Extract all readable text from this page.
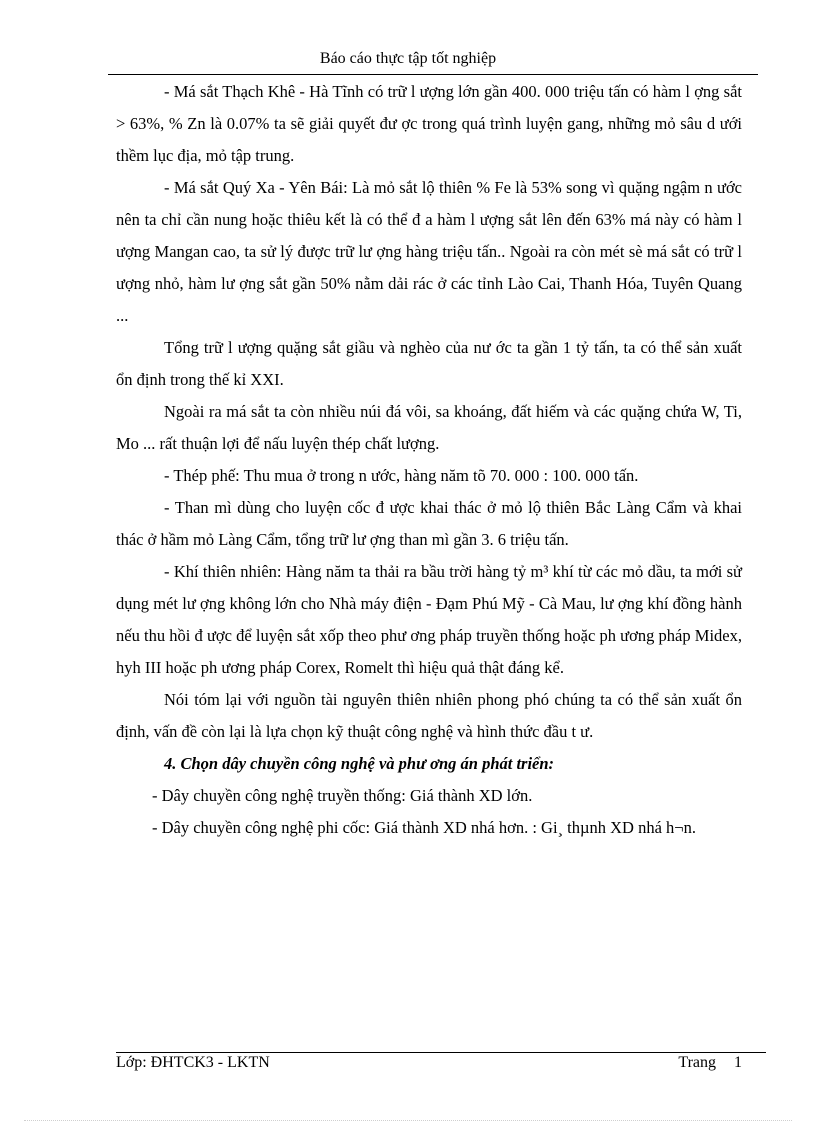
Báo cáo thực tập tốt nghiệp

- Má sắt Thạch Khê - Hà Tĩnh có trữ l ượng lớn gần 400. 000 triệu tấn có hàm l ợng sắt > 63%, % Zn là 0.07% ta sẽ giải quyết đư ợc trong quá trình luyện gang, những mỏ sâu d ưới thềm lục địa, mỏ tập trung.

- Má sắt Quý Xa - Yên Bái: Là mỏ sắt lộ thiên % Fe là 53% song vì quặng ngậm n ước nên ta chỉ cần nung hoặc thiêu kết là có thể đ a hàm l ượng sắt lên đến 63% má này có hàm l ượng Mangan cao, ta sử lý được trữ lư ợng hàng triệu tấn.. Ngoài ra còn mét sè má sắt có trữ l ượng nhỏ, hàm lư ợng sắt gần 50% nằm dải rác ở các tỉnh Lào Cai, Thanh Hóa, Tuyên Quang ...

Tổng trữ l ượng quặng sắt giầu và nghèo của nư ớc ta gần 1 tỷ tấn, ta có thể sản xuất ổn định trong thế kỉ XXI.

Ngoài ra má sắt ta còn nhiều núi đá vôi, sa khoáng, đất hiếm và các quặng chứa W, Ti, Mo ... rất thuận lợi để nấu luyện thép chất lượng.

- Thép phế: Thu mua ở trong n ước, hàng năm tõ 70. 000 : 100. 000 tấn.

- Than mì dùng cho luyện cốc đ ược khai thác ở mỏ lộ thiên Bắc Làng Cẩm và khai thác ở hầm mỏ Làng Cẩm, tổng trữ lư ợng than mì gần 3. 6 triệu tấn.

- Khí thiên nhiên: Hàng năm ta thải ra bầu trời hàng tỷ m³ khí từ các mỏ dầu, ta mới sử dụng mét lư ợng không lớn cho Nhà máy điện - Đạm Phú Mỹ - Cà Mau, lư ợng khí đồng hành nếu thu hồi đ ược để luyện sắt xốp theo phư ơng pháp truyền thống hoặc ph ương pháp Midex, hyh III hoặc ph ương pháp Corex, Romelt thì hiệu quả thật đáng kể.

Nói tóm lại với nguồn tài nguyên thiên nhiên phong phó chúng ta có thể sản xuất ổn định, vấn đề còn lại là lựa chọn kỹ thuật công nghệ và hình thức đầu t ư.

4. Chọn dây chuyền công nghệ và phư ơng án phát triển:

- Dây chuyền công nghệ truyền thống: Giá thành XD lớn.

- Dây chuyền công nghệ phi cốc: Giá thành XD nhá hơn. : Gi¸ thµnh XD nhá h¬n.

Lớp: ĐHTCK3 - LKTN	Trang 1
